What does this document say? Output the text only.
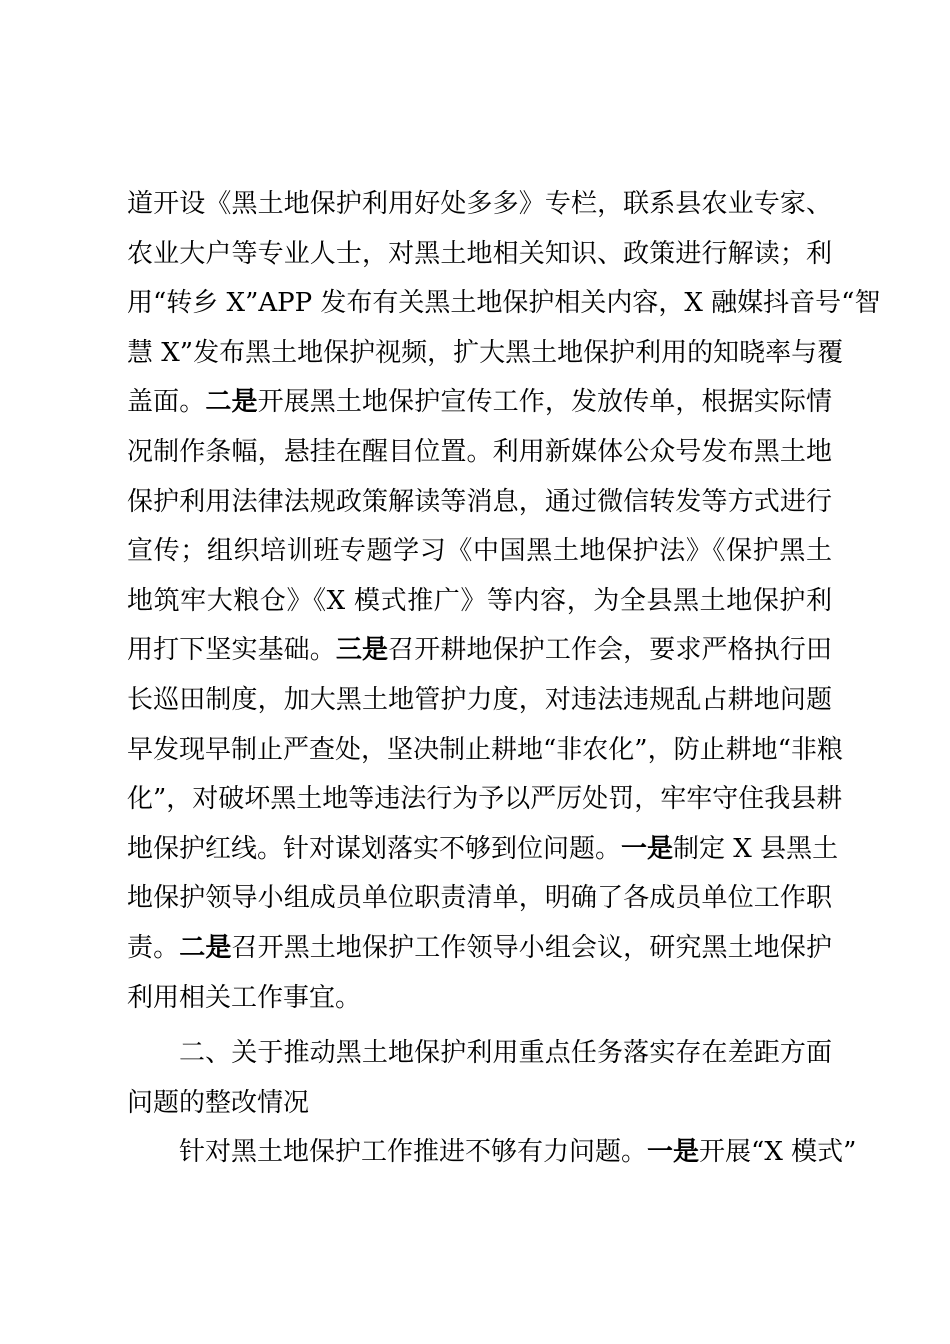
道开设《黑土地保护利用好处多多》专栏，联系县农业专家、
农业大户等专业人士，对黑土地相关知识、政策进行解读；利
用“转乡 X”APP 发布有关黑土地保护相关内容，X 融媒抖音号“智
慧 X”发布黑土地保护视频，扩大黑土地保护利用的知晓率与覆
盖面。二是开展黑土地保护宣传工作，发放传单，根据实际情
况制作条幅，悬挂在醒目位置。利用新媒体公众号发布黑土地
保护利用法律法规政策解读等消息，通过微信转发等方式进行
宣传；组织培训班专题学习《中国黑土地保护法》《保护黑土
地筑牢大粮仓》《X 模式推广》等内容，为全县黑土地保护利
用打下坚实基础。三是召开耕地保护工作会，要求严格执行田
长巡田制度，加大黑土地管护力度，对违法违规乱占耕地问题
早发现早制止严查处，坚决制止耕地“非农化”，防止耕地“非粮
化”，对破坏黑土地等违法行为予以严厉处罚，牢牢守住我县耕
地保护红线。针对谋划落实不够到位问题。一是制定 X 县黑土
地保护领导小组成员单位职责清单，明确了各成员单位工作职
责。二是召开黑土地保护工作领导小组会议，研究黑土地保护
利用相关工作事宜。
二、关于推动黑土地保护利用重点任务落实存在差距方面
问题的整改情况
针对黑土地保护工作推进不够有力问题。一是开展“X 模式”
